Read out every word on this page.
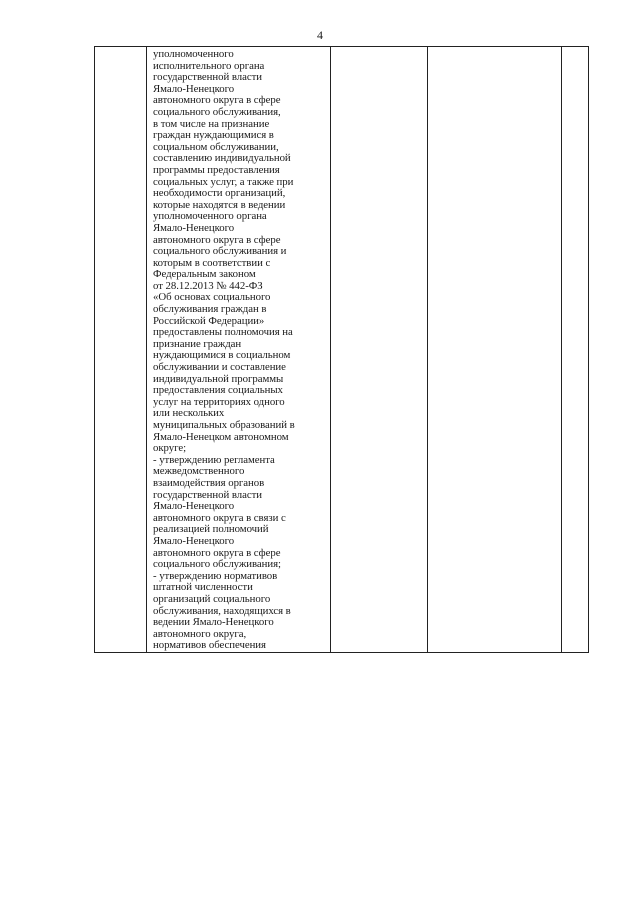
4

уполномоченного
исполнительного органа
государственной власти
Ямало-Ненецкого
автономного округа в сфере
социального обслуживания,
в том числе на признание
граждан нуждающимися в
социальном обслуживании,
составлению индивидуальной
программы предоставления
социальных услуг, а также при
необходимости организаций,
которые находятся в ведении
уполномоченного органа
Ямало-Ненецкого
автономного округа в сфере
социального обслуживания и
которым в соответствии с
Федеральным законом
от 28.12.2013 № 442-ФЗ
«Об основах социального
обслуживания граждан в
Российской Федерации»
предоставлены полномочия на
признание граждан
нуждающимися в социальном
обслуживании и составление
индивидуальной программы
предоставления социальных
услуг на территориях одного
или нескольких
муниципальных образований в
Ямало-Ненецком автономном
округе;
- утверждению регламента
межведомственного
взаимодействия органов
государственной власти
Ямало-Ненецкого
автономного округа в связи с
реализацией полномочий
Ямало-Ненецкого
автономного округа в сфере
социального обслуживания;
- утверждению нормативов
штатной численности
организаций социального
обслуживания, находящихся в
ведении Ямало-Ненецкого
автономного округа,
нормативов обеспечения
